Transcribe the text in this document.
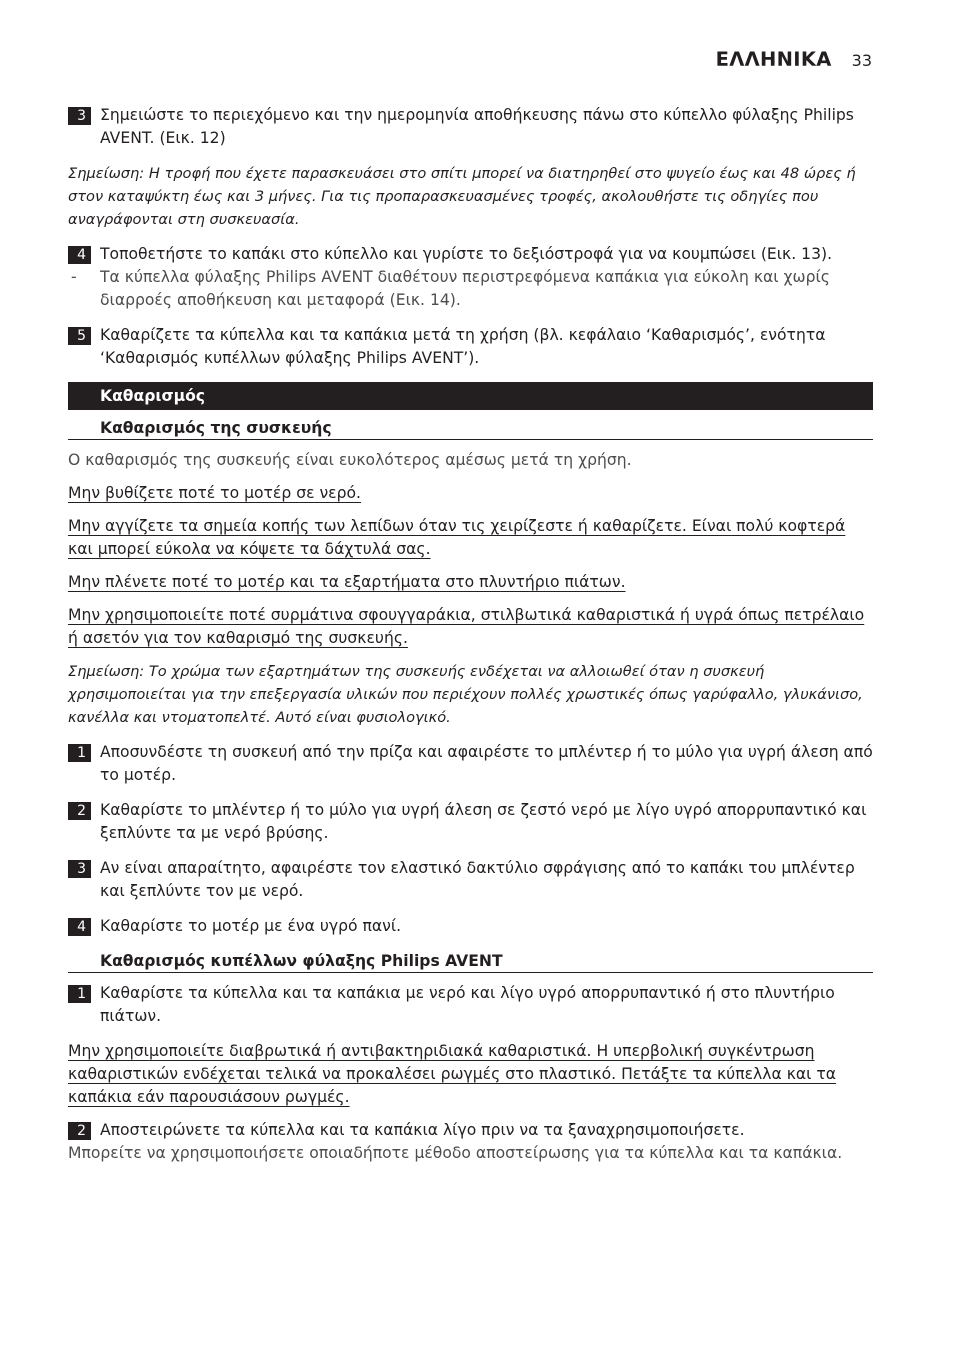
ΕΛΛΗΝΙΚΑ 33
3 Σημειώστε το περιεχόμενο και την ημερομηνία αποθήκευσης πάνω στο κύπελλο φύλαξης Philips AVENT. (Εικ. 12)
Σημείωση: Η τροφή που έχετε παρασκευάσει στο σπίτι μπορεί να διατηρηθεί στο ψυγείο έως και 48 ώρες ή στον καταψύκτη έως και 3 μήνες. Για τις προπαρασκευασμένες τροφές, ακολουθήστε τις οδηγίες που αναγράφονται στη συσκευασία.
4 Τοποθετήστε το καπάκι στο κύπελλο και γυρίστε το δεξιόστροφά για να κουμπώσει (Εικ. 13).
-	Τα κύπελλα φύλαξης Philips AVENT διαθέτουν περιστρεφόμενα καπάκια για εύκολη και χωρίς διαρροές αποθήκευση και μεταφορά (Εικ. 14).
5 Καθαρίζετε τα κύπελλα και τα καπάκια μετά τη χρήση (βλ. κεφάλαιο ‘Καθαρισμός’, ενότητα ‘Καθαρισμός κυπέλλων φύλαξης Philips AVENT’).
Καθαρισμός
Καθαρισμός της συσκευής
Ο καθαρισμός της συσκευής είναι ευκολότερος αμέσως μετά τη χρήση.
Μην βυθίζετε ποτέ το μοτέρ σε νερό.
Μην αγγίζετε τα σημεία κοπής των λεπίδων όταν τις χειρίζεστε ή καθαρίζετε. Είναι πολύ κοφτερά και μπορεί εύκολα να κόψετε τα δάχτυλά σας.
Μην πλένετε ποτέ το μοτέρ και τα εξαρτήματα στο πλυντήριο πιάτων.
Μην χρησιμοποιείτε ποτέ συρμάτινα σφουγγαράκια, στιλβωτικά καθαριστικά ή υγρά όπως πετρέλαιο ή ασετόν για τον καθαρισμό της συσκευής.
Σημείωση: Το χρώμα των εξαρτημάτων της συσκευής ενδέχεται να αλλοιωθεί όταν η συσκευή χρησιμοποιείται για την επεξεργασία υλικών που περιέχουν πολλές χρωστικές όπως γαρύφαλλο, γλυκάνισο, κανέλλα και ντοματοπελτέ. Αυτό είναι φυσιολογικό.
1 Αποσυνδέστε τη συσκευή από την πρίζα και αφαιρέστε το μπλέντερ ή το μύλο για υγρή άλεση από το μοτέρ.
2 Καθαρίστε το μπλέντερ ή το μύλο για υγρή άλεση σε ζεστό νερό με λίγο υγρό απορρυπαντικό και ξεπλύντε τα με νερό βρύσης.
3 Αν είναι απαραίτητο, αφαιρέστε τον ελαστικό δακτύλιο σφράγισης από το καπάκι του μπλέντερ και ξεπλύντε τον με νερό.
4 Καθαρίστε το μοτέρ με ένα υγρό πανί.
Καθαρισμός κυπέλλων φύλαξης Philips AVENT
1 Καθαρίστε τα κύπελλα και τα καπάκια με νερό και λίγο υγρό απορρυπαντικό ή στο πλυντήριο πιάτων.
Μην χρησιμοποιείτε διαβρωτικά ή αντιβακτηριδιακά καθαριστικά. Η υπερβολική συγκέντρωση καθαριστικών ενδέχεται τελικά να προκαλέσει ρωγμές στο πλαστικό. Πετάξτε τα κύπελλα και τα καπάκια εάν παρουσιάσουν ρωγμές.
2 Αποστειρώνετε τα κύπελλα και τα καπάκια λίγο πριν να τα ξαναχρησιμοποιήσετε.
Μπορείτε να χρησιμοποιήσετε οποιαδήποτε μέθοδο αποστείρωσης για τα κύπελλα και τα καπάκια.
